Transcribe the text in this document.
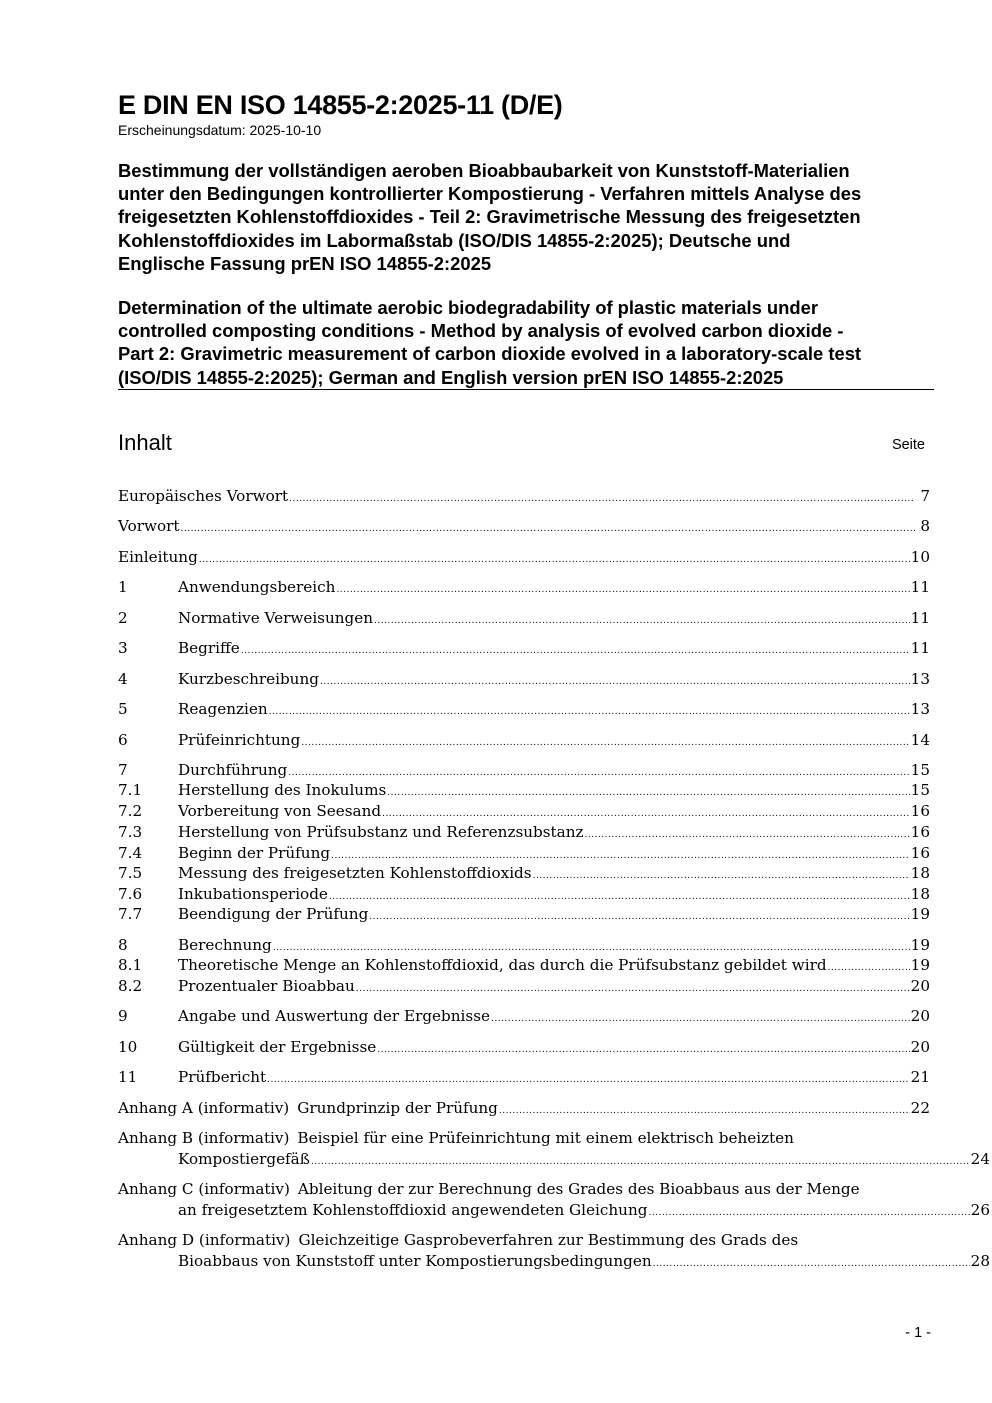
E DIN EN ISO 14855-2:2025-11 (D/E)
Erscheinungsdatum: 2025-10-10
Bestimmung der vollständigen aeroben Bioabbaubarkeit von Kunststoff-Materialien
unter den Bedingungen kontrollierter Kompostierung - Verfahren mittels Analyse des
freigesetzten Kohlenstoffdioxides - Teil 2: Gravimetrische Messung des freigesetzten
Kohlenstoffdioxides im Labormaßstab (ISO/DIS 14855-2:2025); Deutsche und
Englische Fassung prEN ISO 14855-2:2025
Determination of the ultimate aerobic biodegradability of plastic materials under
controlled composting conditions - Method by analysis of evolved carbon dioxide -
Part 2: Gravimetric measurement of carbon dioxide evolved in a laboratory-scale test
(ISO/DIS 14855-2:2025); German and English version prEN ISO 14855-2:2025
Inhalt	Seite
Europäisches Vorwort .....	7
Vorwort .....	8
Einleitung .....	10
1	Anwendungsbereich .....	11
2	Normative Verweisungen .....	11
3	Begriffe .....	11
4	Kurzbeschreibung .....	13
5	Reagenzien .....	13
6	Prüfeinrichtung .....	14
7	Durchführung .....	15
7.1	Herstellung des Inokulums .....	15
7.2	Vorbereitung von Seesand .....	16
7.3	Herstellung von Prüfsubstanz und Referenzsubstanz .....	16
7.4	Beginn der Prüfung .....	16
7.5	Messung des freigesetzten Kohlenstoffdioxids .....	18
7.6	Inkubationsperiode .....	18
7.7	Beendigung der Prüfung .....	19
8	Berechnung .....	19
8.1	Theoretische Menge an Kohlenstoffdioxid, das durch die Prüfsubstanz gebildet wird .....	19
8.2	Prozentualer Bioabbau .....	20
9	Angabe und Auswertung der Ergebnisse .....	20
10	Gültigkeit der Ergebnisse .....	20
11	Prüfbericht .....	21
Anhang A (informativ) Grundprinzip der Prüfung .....	22
Anhang B (informativ) Beispiel für eine Prüfeinrichtung mit einem elektrisch beheizten
Kompostiergefäß .....	24
Anhang C (informativ) Ableitung der zur Berechnung des Grades des Bioabbaus aus der Menge
an freigesetztem Kohlenstoffdioxid angewendeten Gleichung .....	26
Anhang D (informativ) Gleichzeitige Gasprobeverfahren zur Bestimmung des Grads des
Bioabbaus von Kunststoff unter Kompostierungsbedingungen .....	28
- 1 -
